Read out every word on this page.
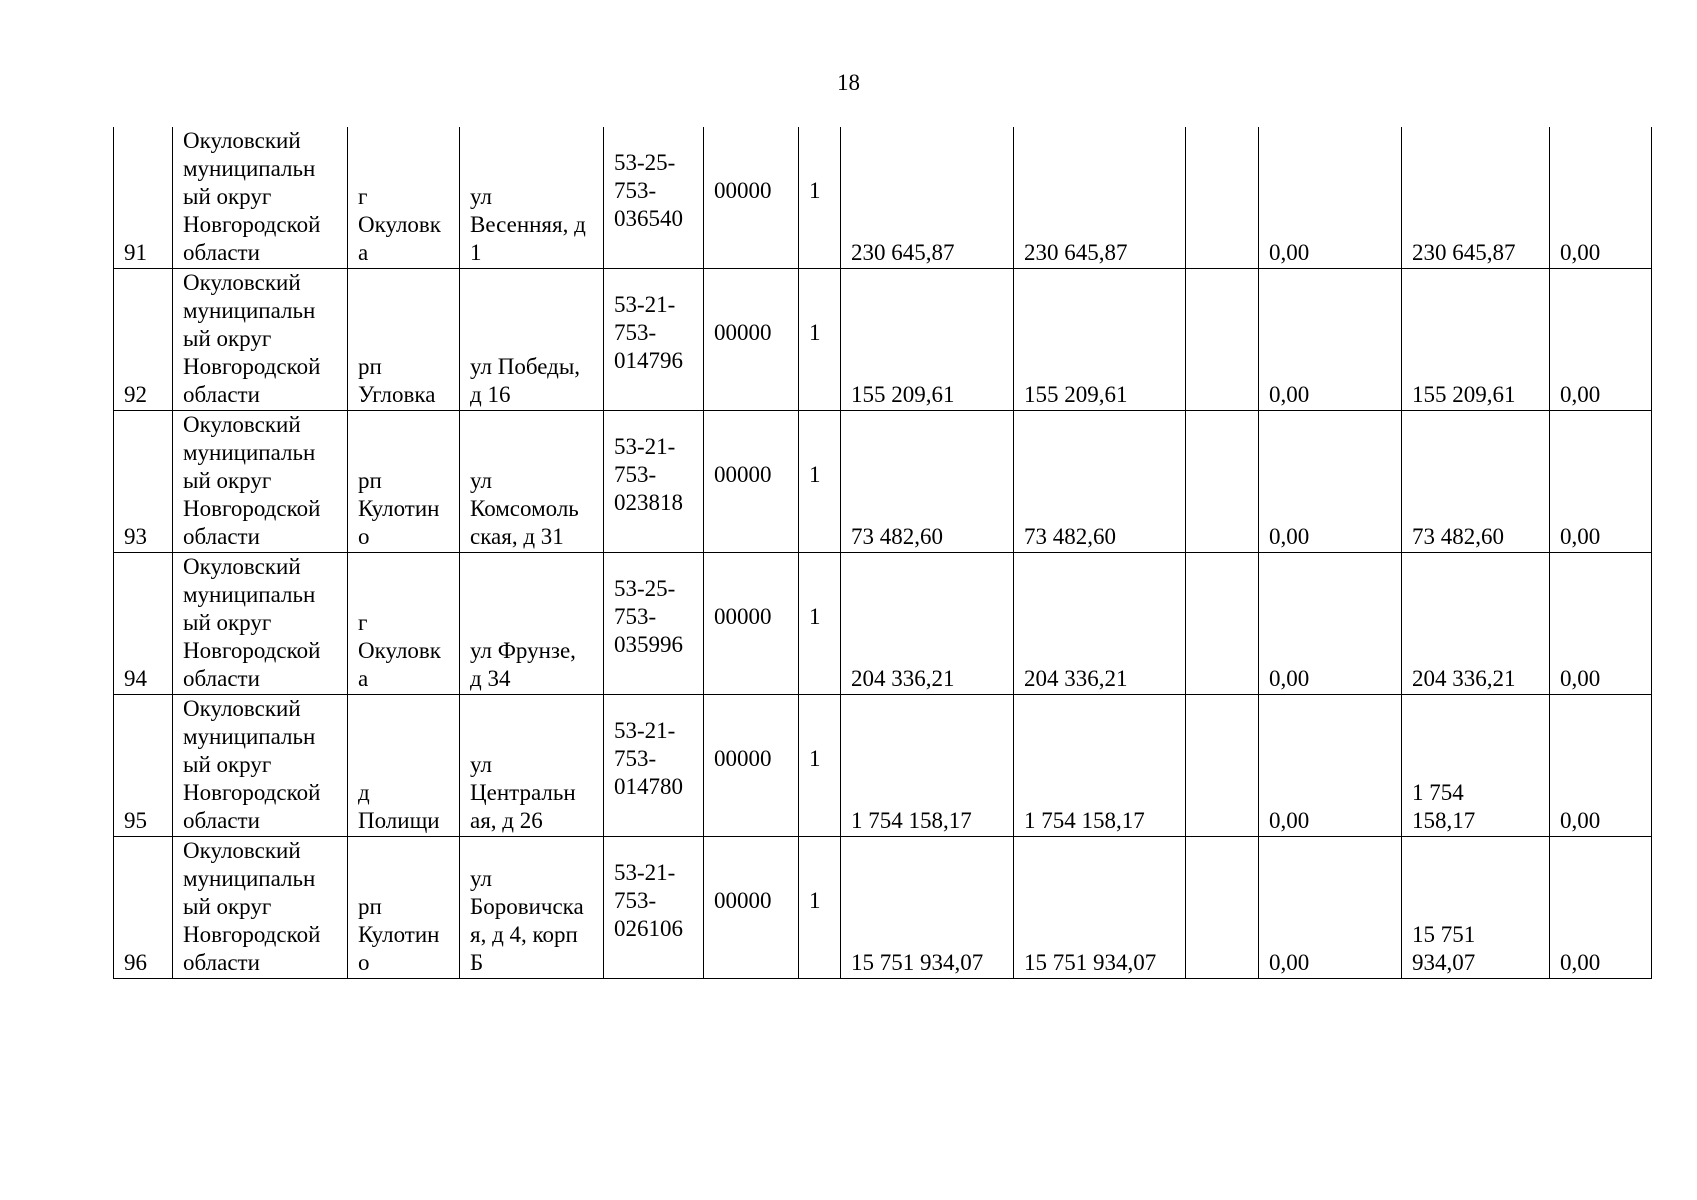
18
91	Окуловский
муниципальн
ый округ
Новгородской
области	г
Окуловк
а	ул
Весенняя, д
1	53-25-
753-
036540	00000	1	230 645,87	230 645,87		0,00	230 645,87	0,00
92	Окуловский
муниципальн
ый округ
Новгородской
области	рп
Угловка	ул Победы,
д 16	53-21-
753-
014796	00000	1	155 209,61	155 209,61		0,00	155 209,61	0,00
93	Окуловский
муниципальн
ый округ
Новгородской
области	рп
Кулотин
о	ул
Комсомоль
ская, д 31	53-21-
753-
023818	00000	1	73 482,60	73 482,60		0,00	73 482,60	0,00
94	Окуловский
муниципальн
ый округ
Новгородской
области	г
Окуловк
а	ул Фрунзе,
д 34	53-25-
753-
035996	00000	1	204 336,21	204 336,21		0,00	204 336,21	0,00
95	Окуловский
муниципальн
ый округ
Новгородской
области	д
Полищи	ул
Центральн
ая, д 26	53-21-
753-
014780	00000	1	1 754 158,17	1 754 158,17		0,00	1 754
158,17	0,00
96	Окуловский
муниципальн
ый округ
Новгородской
области	рп
Кулотин
о	ул
Боровичска
я, д 4, корп
Б	53-21-
753-
026106	00000	1	15 751 934,07	15 751 934,07		0,00	15 751
934,07	0,00
